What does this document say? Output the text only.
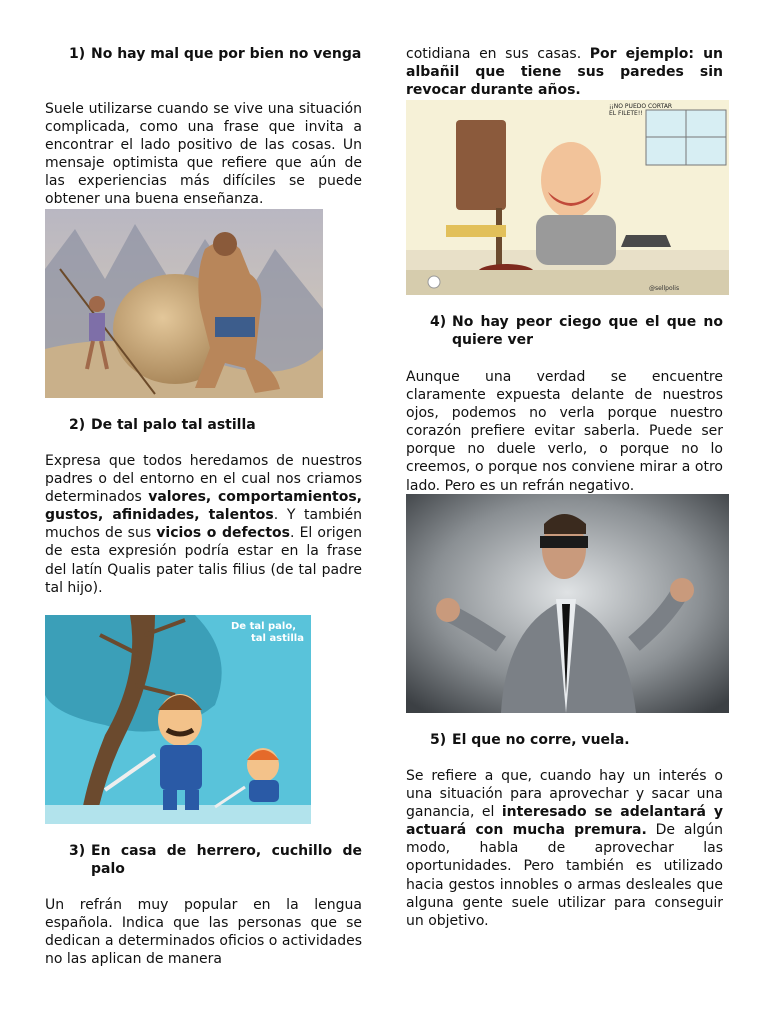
1) No hay mal que por bien no venga

Suele utilizarse cuando se vive una situación complicada, como una frase que invita a encontrar el lado positivo de las cosas. Un mensaje optimista que refiere que aún de las experiencias más difíciles se puede obtener una buena enseñanza.

2) De tal palo tal astilla

Expresa que todos heredamos de nuestros padres o del entorno en el cual nos criamos determinados valores, comportamientos, gustos, afinidades, talentos. Y también muchos de sus vicios o defectos. El origen de esta expresión podría estar en la frase del latín Qualis pater talis filius (de tal padre tal hijo).

De tal palo,
tal astilla
3) En casa de herrero, cuchillo de palo

Un refrán muy popular en la lengua española. Indica que las personas que se dedican a determinados oficios o actividades no las aplican de manera

cotidiana en sus casas. Por ejemplo: un albañil que tiene sus paredes sin revocar durante años.

¡¡NO PUEDO CORTAR
EL FILETE!!
@sellpolis
4) No hay peor ciego que el que no quiere ver

Aunque una verdad se encuentre claramente expuesta delante de nuestros ojos, podemos no verla porque nuestro corazón prefiere evitar saberla. Puede ser porque no duele verlo, o porque no lo creemos, o porque nos conviene mirar a otro lado. Pero es un refrán negativo.

5) El que no corre, vuela.

Se refiere a que, cuando hay un interés o una situación para aprovechar y sacar una ganancia, el interesado se adelantará y actuará con mucha premura. De algún modo, habla de aprovechar las oportunidades. Pero también es utilizado hacia gestos innobles o armas desleales que alguna gente suele utilizar para conseguir un objetivo.
